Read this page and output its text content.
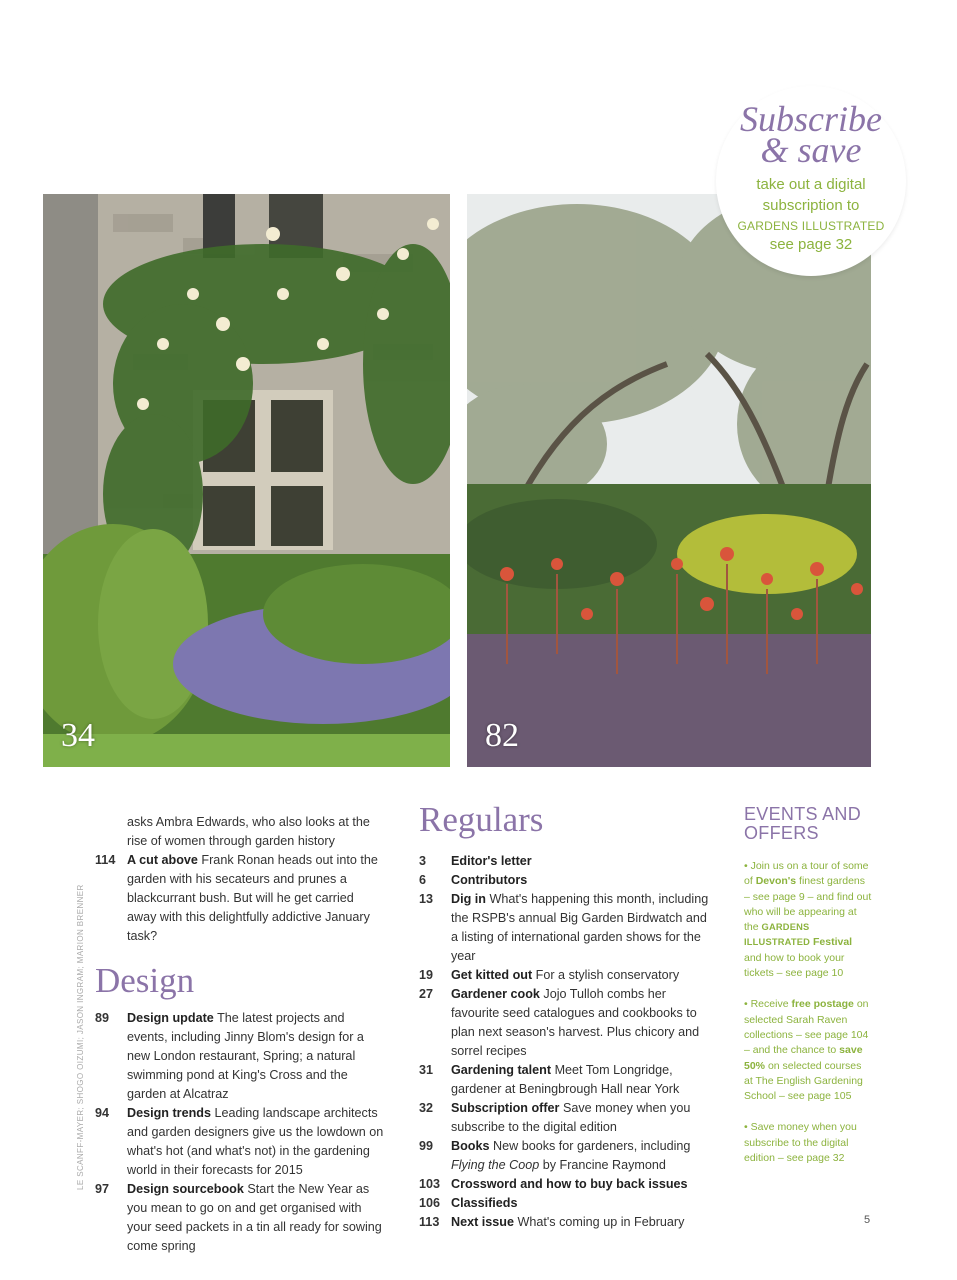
34	82
Subscribe
& save
take out a digital
subscription to
GARDENS ILLUSTRATED
see page 32
asks Ambra Edwards, who also looks at the rise of women through garden history
114 A cut above Frank Ronan heads out into the garden with his secateurs and prunes a blackcurrant bush. But will he get carried away with this delightfully addictive January task?
Design
89 Design update The latest projects and events, including Jinny Blom's design for a new London restaurant, Spring; a natural swimming pond at King's Cross and the garden at Alcatraz
94 Design trends Leading landscape architects and garden designers give us the lowdown on what's hot (and what's not) in the gardening world in their forecasts for 2015
97 Design sourcebook Start the New Year as you mean to go on and get organised with your seed packets in a tin all ready for sowing come spring
Regulars
3 Editor's letter
6 Contributors
13 Dig in What's happening this month, including the RSPB's annual Big Garden Birdwatch and a listing of international garden shows for the year
19 Get kitted out For a stylish conservatory
27 Gardener cook Jojo Tulloh combs her favourite seed catalogues and cookbooks to plan next season's harvest. Plus chicory and sorrel recipes
31 Gardening talent Meet Tom Longridge, gardener at Beningbrough Hall near York
32 Subscription offer Save money when you subscribe to the digital edition
99 Books New books for gardeners, including Flying the Coop by Francine Raymond
103 Crossword and how to buy back issues
106 Classifieds
113 Next issue What's coming up in February
EVENTS AND
OFFERS

• Join us on a tour of some of Devon's finest gardens – see page 9 – and find out who will be appearing at the GARDENS ILLUSTRATED Festival and how to book your tickets – see page 10

• Receive free postage on selected Sarah Raven collections – see page 104 – and the chance to save 50% on selected courses at The English Gardening School – see page 105

• Save money when you subscribe to the digital edition – see page 32

LE SCANFF-MAYER; SHOGO OIZUMI; JASON INGRAM; MARION BRENNER
5
